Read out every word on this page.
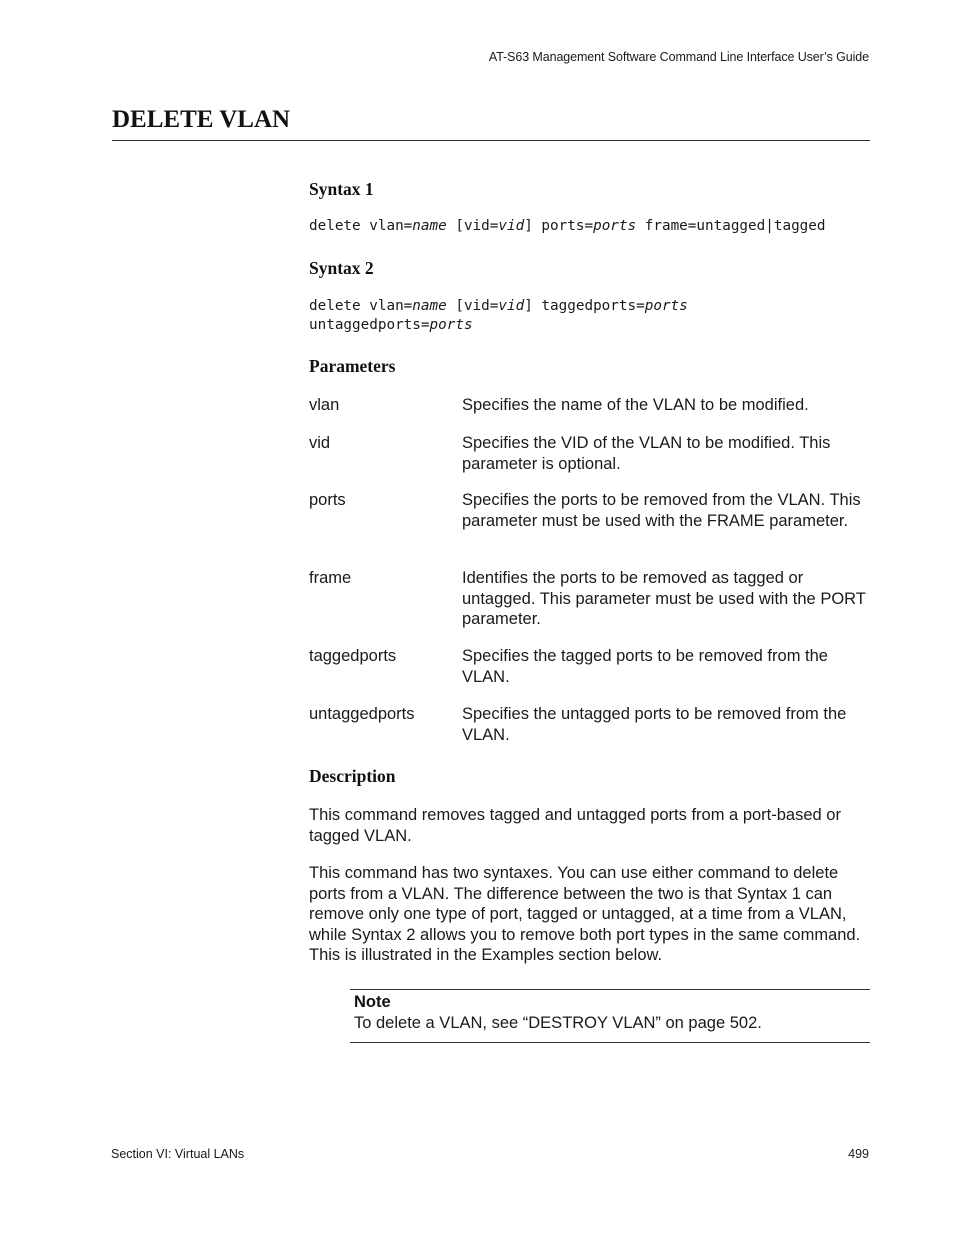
AT-S63 Management Software Command Line Interface User’s Guide
DELETE VLAN
Syntax 1
delete vlan=name [vid=vid] ports=ports frame=untagged|tagged
Syntax 2
delete vlan=name [vid=vid] taggedports=ports
untaggedports=ports
Parameters
vlan	Specifies the name of the VLAN to be modified.
vid	Specifies the VID of the VLAN to be modified. This parameter is optional.
ports	Specifies the ports to be removed from the VLAN. This parameter must be used with the FRAME parameter.
frame	Identifies the ports to be removed as tagged or untagged. This parameter must be used with the PORT parameter.
taggedports	Specifies the tagged ports to be removed from the VLAN.
untaggedports	Specifies the untagged ports to be removed from the VLAN.
Description

This command removes tagged and untagged ports from a port-based or tagged VLAN.

This command has two syntaxes. You can use either command to delete ports from a VLAN. The difference between the two is that Syntax 1 can remove only one type of port, tagged or untagged, at a time from a VLAN, while Syntax 2 allows you to remove both port types in the same command. This is illustrated in the Examples section below.

Note
To delete a VLAN, see “DESTROY VLAN” on page 502.
Section VI: Virtual LANs	499
